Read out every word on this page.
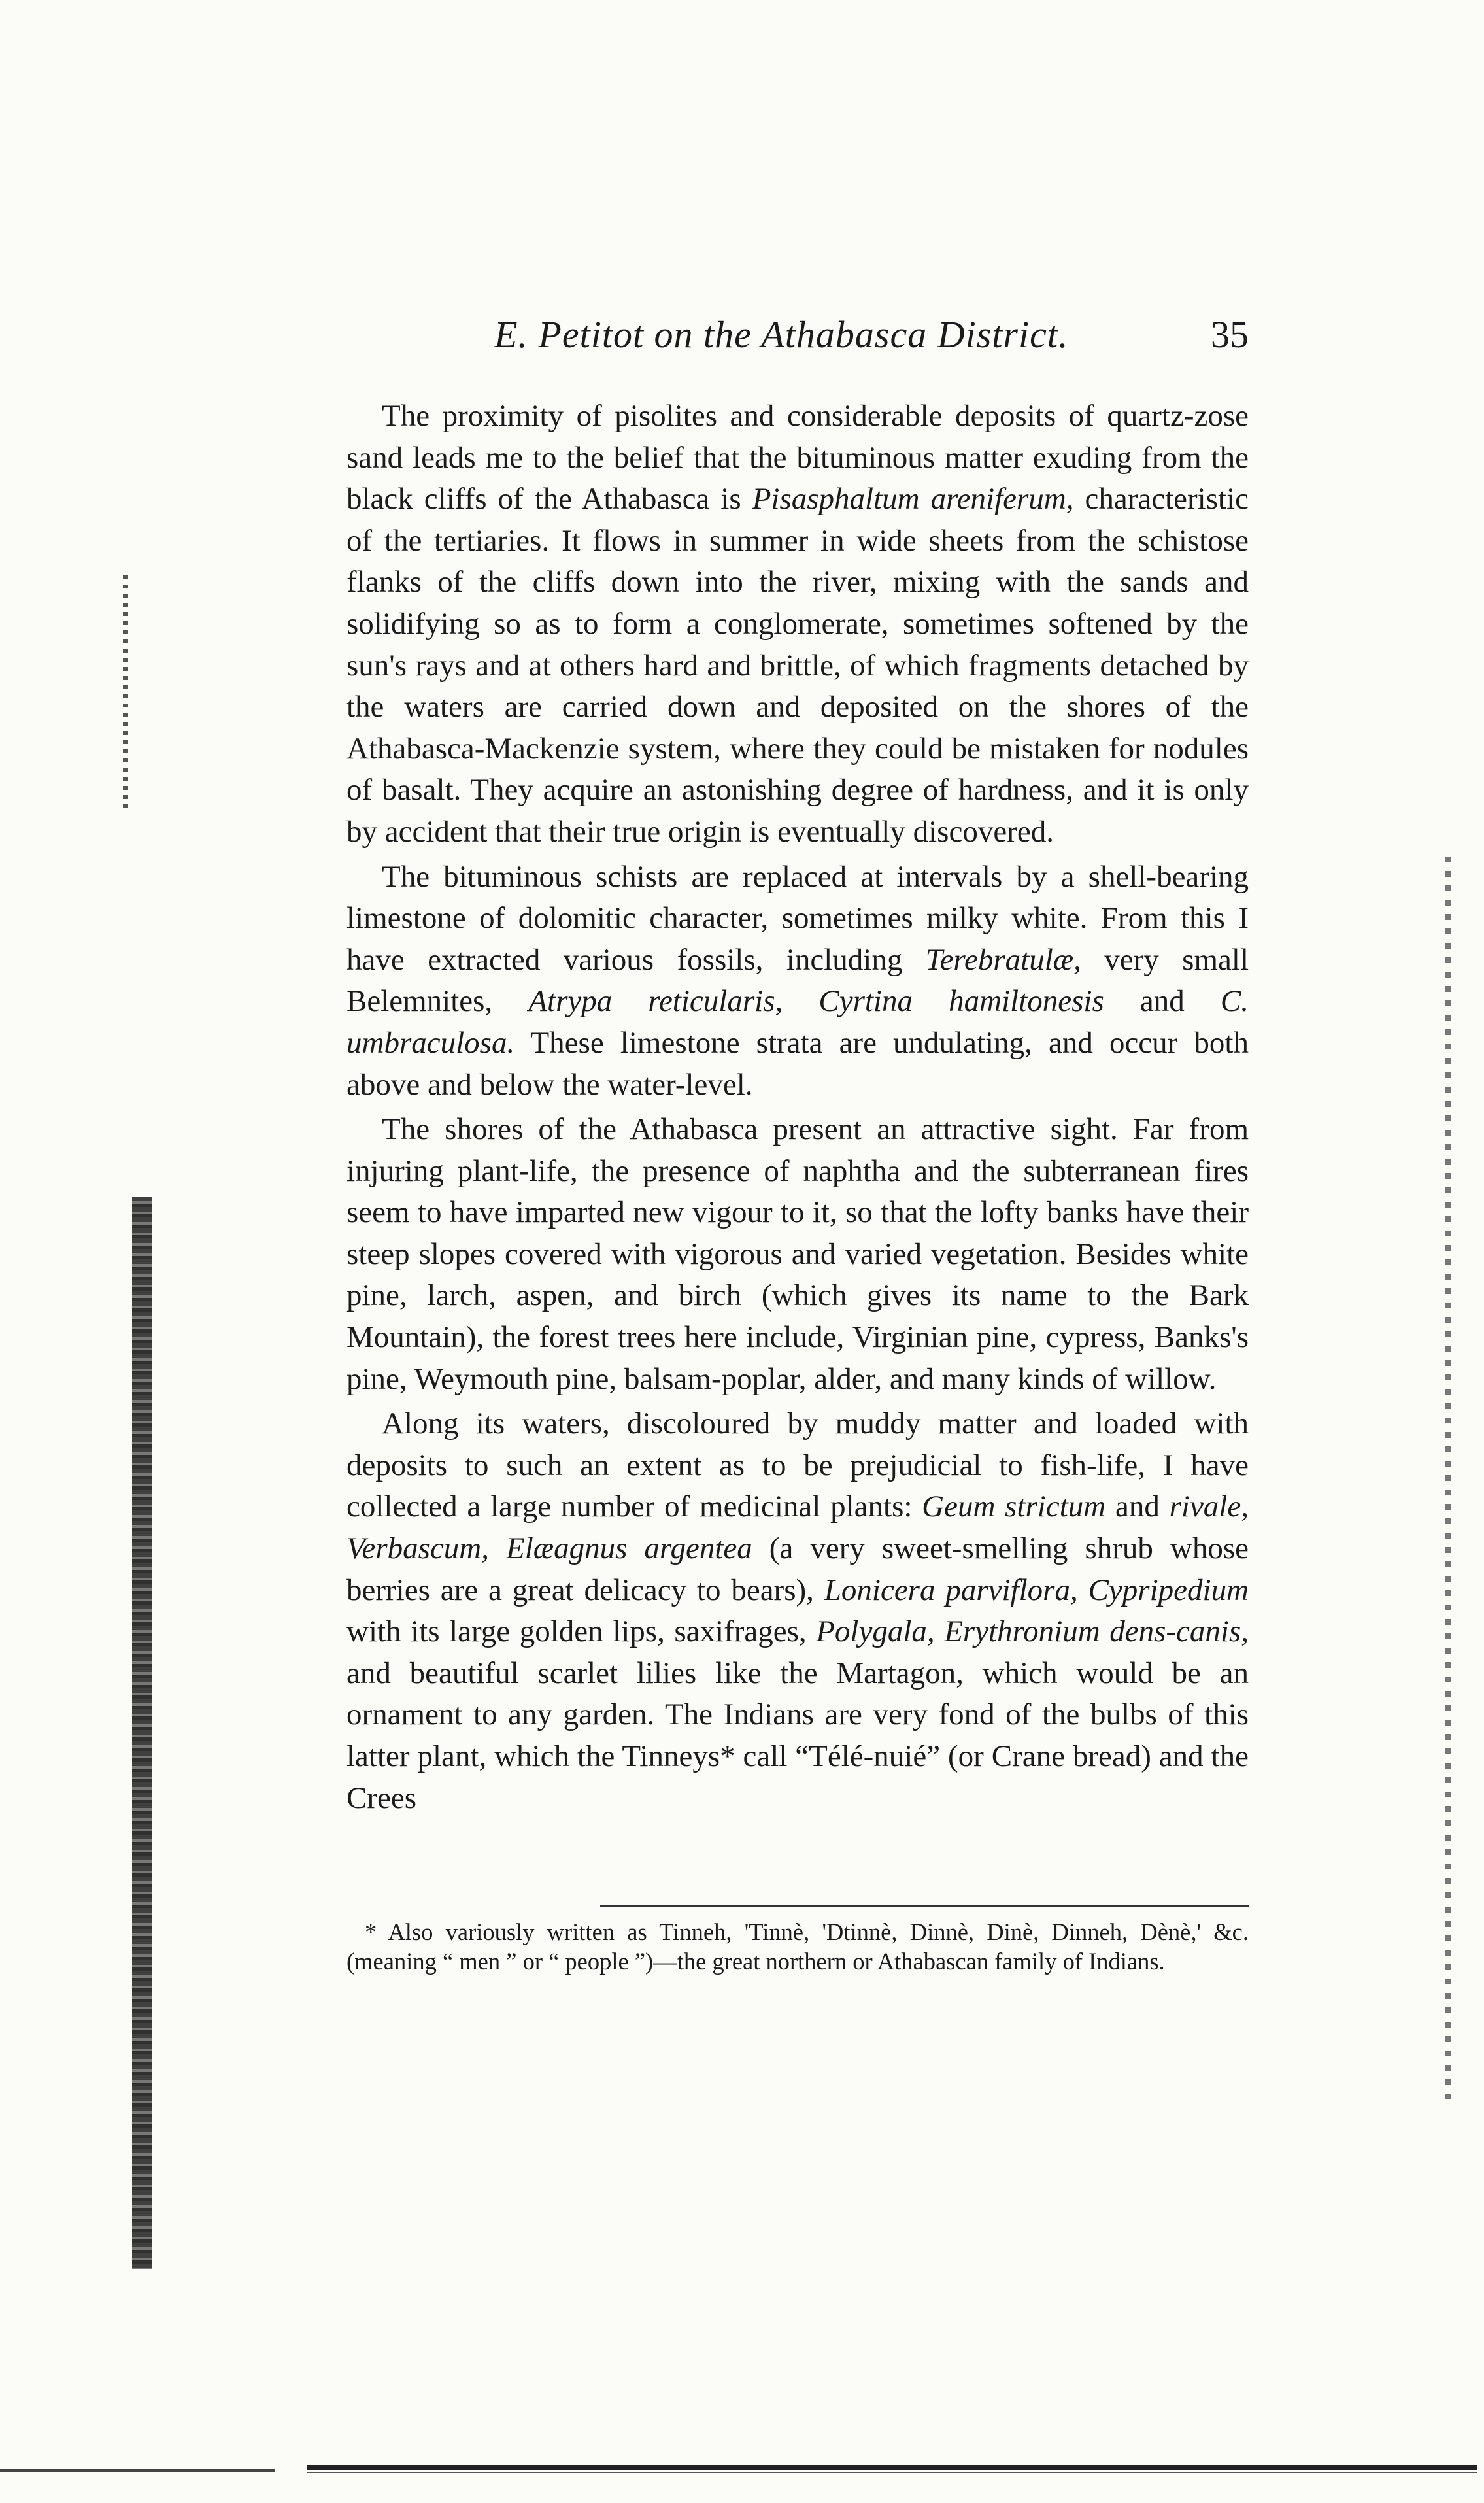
E. Petitot on the Athabasca District.	35

The proximity of pisolites and considerable deposits of quartz-zose sand leads me to the belief that the bituminous matter exuding from the black cliffs of the Athabasca is Pisasphaltum areniferum, characteristic of the tertiaries. It flows in summer in wide sheets from the schistose flanks of the cliffs down into the river, mixing with the sands and solidifying so as to form a conglomerate, sometimes softened by the sun's rays and at others hard and brittle, of which fragments detached by the waters are carried down and deposited on the shores of the Athabasca-Mackenzie system, where they could be mistaken for nodules of basalt. They acquire an astonishing degree of hardness, and it is only by accident that their true origin is eventually discovered.

The bituminous schists are replaced at intervals by a shell-bearing limestone of dolomitic character, sometimes milky white. From this I have extracted various fossils, including Terebratulæ, very small Belemnites, Atrypa reticularis, Cyrtina hamiltonesis and C. umbraculosa. These limestone strata are undulating, and occur both above and below the water-level.

The shores of the Athabasca present an attractive sight. Far from injuring plant-life, the presence of naphtha and the subterranean fires seem to have imparted new vigour to it, so that the lofty banks have their steep slopes covered with vigorous and varied vegetation. Besides white pine, larch, aspen, and birch (which gives its name to the Bark Mountain), the forest trees here include, Virginian pine, cypress, Banks's pine, Weymouth pine, balsam-poplar, alder, and many kinds of willow.

Along its waters, discoloured by muddy matter and loaded with deposits to such an extent as to be prejudicial to fish-life, I have collected a large number of medicinal plants: Geum strictum and rivale, Verbascum, Elæagnus argentea (a very sweet-smelling shrub whose berries are a great delicacy to bears), Lonicera parviflora, Cypripedium with its large golden lips, saxifrages, Polygala, Erythronium dens-canis, and beautiful scarlet lilies like the Martagon, which would be an ornament to any garden. The Indians are very fond of the bulbs of this latter plant, which the Tinneys* call “Télé-nuié” (or Crane bread) and the Crees

* Also variously written as Tinneh, 'Tinnè, 'Dtinnè, Dinnè, Dinè, Dinneh, Dènè,' &c. (meaning “ men ” or “ people ”)—the great northern or Athabascan family of Indians.
